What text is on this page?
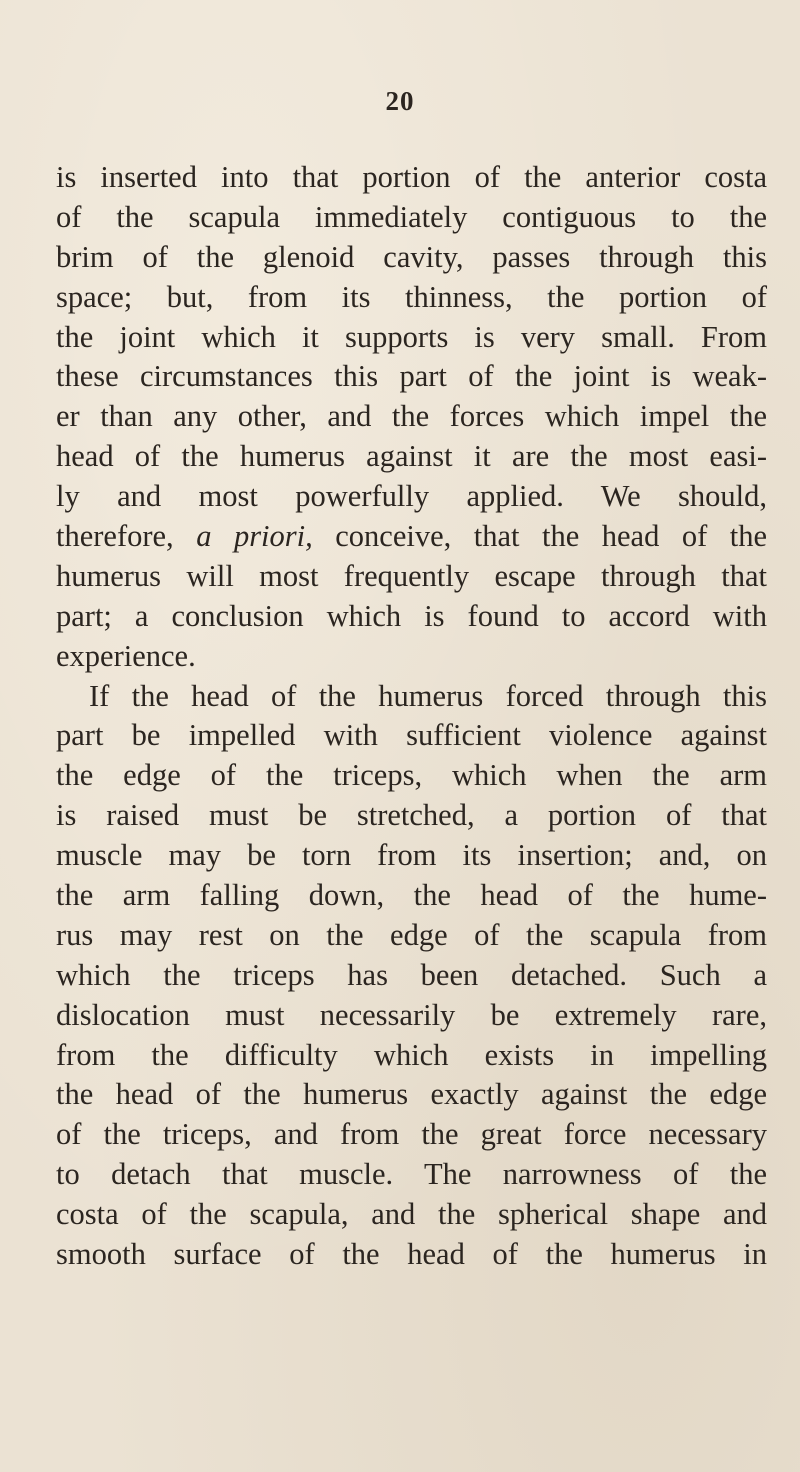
20
is inserted into that portion of the anterior costa
of the scapula immediately contiguous to the
brim of the glenoid cavity, passes through this
space; but, from its thinness, the portion of
the joint which it supports is very small. From
these circumstances this part of the joint is weak-
er than any other, and the forces which impel the
head of the humerus against it are the most easi-
ly and most powerfully applied. We should,
therefore, a priori, conceive, that the head of the
humerus will most frequently escape through that
part; a conclusion which is found to accord with
experience.
If the head of the humerus forced through this
part be impelled with sufficient violence against
the edge of the triceps, which when the arm
is raised must be stretched, a portion of that
muscle may be torn from its insertion; and, on
the arm falling down, the head of the hume-
rus may rest on the edge of the scapula from
which the triceps has been detached. Such a
dislocation must necessarily be extremely rare,
from the difficulty which exists in impelling
the head of the humerus exactly against the edge
of the triceps, and from the great force necessary
to detach that muscle. The narrowness of the
costa of the scapula, and the spherical shape and
smooth surface of the head of the humerus in
